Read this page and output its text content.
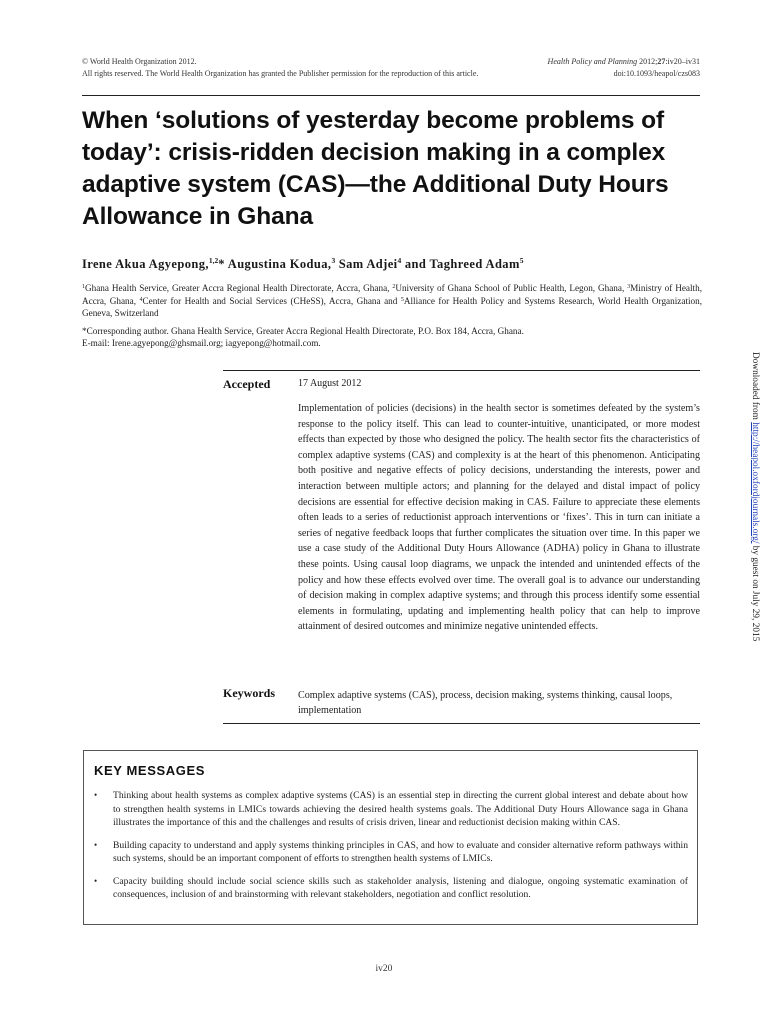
© World Health Organization 2012.
All rights reserved. The World Health Organization has granted the Publisher permission for the reproduction of this article.
Health Policy and Planning 2012;27:iv20–iv31
doi:10.1093/heapol/czs083
When ‘solutions of yesterday become problems of today’: crisis-ridden decision making in a complex adaptive system (CAS)—the Additional Duty Hours Allowance in Ghana
Irene Akua Agyepong,$^{1,2}$* Augustina Kodua,$^3$ Sam Adjei$^4$ and Taghreed Adam$^5$
$^1$Ghana Health Service, Greater Accra Regional Health Directorate, Accra, Ghana, $^2$University of Ghana School of Public Health, Legon, Ghana, $^3$Ministry of Health, Accra, Ghana, $^4$Center for Health and Social Services (CHeSS), Accra, Ghana and $^5$Alliance for Health Policy and Systems Research, World Health Organization, Geneva, Switzerland
*Corresponding author. Ghana Health Service, Greater Accra Regional Health Directorate, P.O. Box 184, Accra, Ghana.
E-mail: Irene.agyepong@ghsmail.org; iagyepong@hotmail.com.
Accepted	17 August 2012
Implementation of policies (decisions) in the health sector is sometimes defeated by the system’s response to the policy itself. This can lead to counter-intuitive, unanticipated, or more modest effects than expected by those who designed the policy. The health sector fits the characteristics of complex adaptive systems (CAS) and complexity is at the heart of this phenomenon. Anticipating both positive and negative effects of policy decisions, understanding the interests, power and interaction between multiple actors; and planning for the delayed and distal impact of policy decisions are essential for effective decision making in CAS. Failure to appreciate these elements often leads to a series of reductionist approach interventions or ‘fixes’. This in turn can initiate a series of negative feedback loops that further complicates the situation over time. In this paper we use a case study of the Additional Duty Hours Allowance (ADHA) policy in Ghana to illustrate these points. Using causal loop diagrams, we unpack the intended and unintended effects of the policy and how these effects evolved over time. The overall goal is to advance our understanding of decision making in complex adaptive systems; and through this process identify some essential elements in formulating, updating and implementing health policy that can help to improve attainment of desired outcomes and minimize negative unintended effects.
Keywords Complex adaptive systems (CAS), process, decision making, systems thinking, causal loops, implementation
KEY MESSAGES
• Thinking about health systems as complex adaptive systems (CAS) is an essential step in directing the current global interest and debate about how to strengthen health systems in LMICs towards achieving the desired health systems goals. The Additional Duty Hours Allowance saga in Ghana illustrates the importance of this and the challenges and results of crisis driven, linear and reductionist decision making within CAS.
• Building capacity to understand and apply systems thinking principles in CAS, and how to evaluate and consider alternative reform pathways within such systems, should be an important component of efforts to strengthen health systems of LMICs.
• Capacity building should include social science skills such as stakeholder analysis, listening and dialogue, ongoing systematic examination of consequences, inclusion of and brainstorming with relevant stakeholders, negotiation and conflict resolution.
iv20
Downloaded from http://heapol.oxfordjournals.org/ by guest on July 29, 2015
